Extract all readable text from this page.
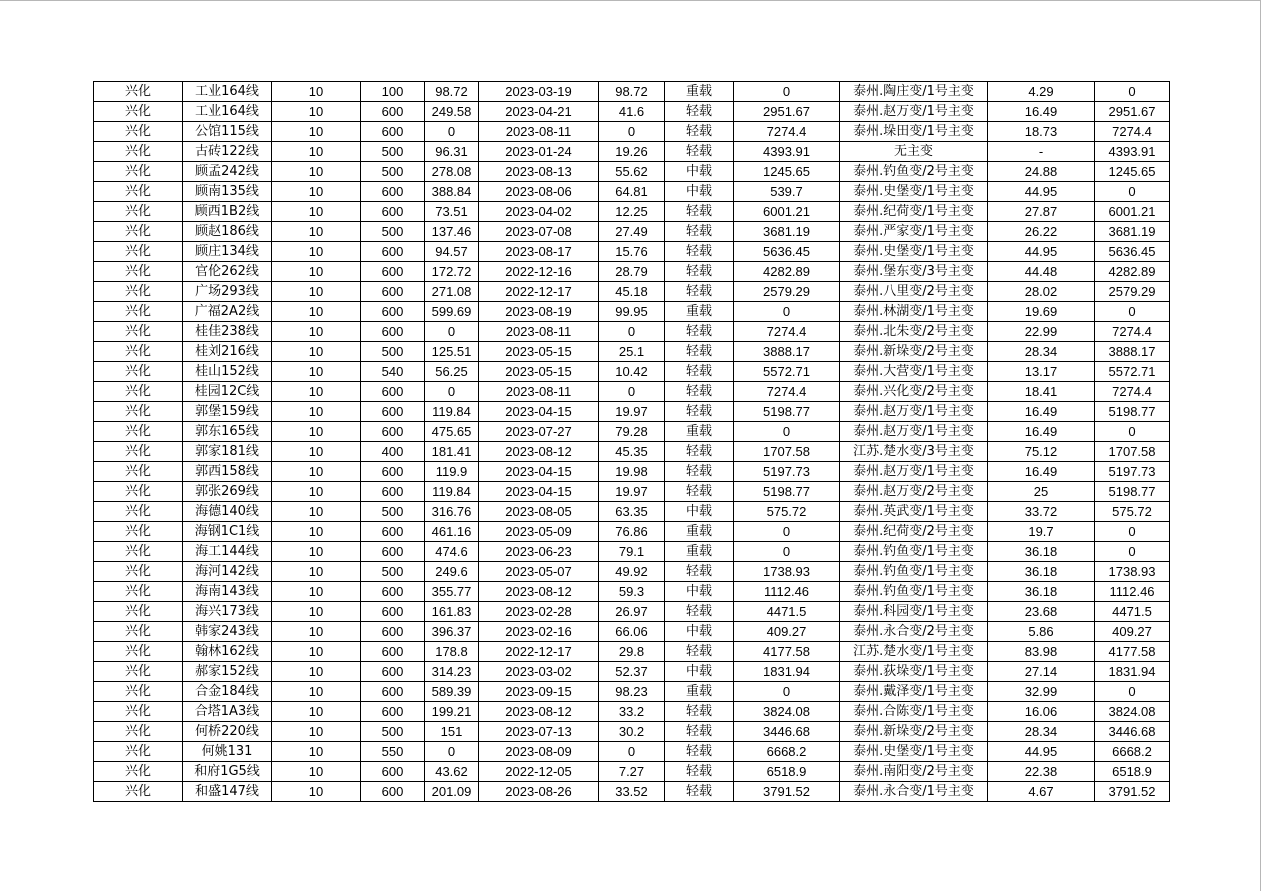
兴化	工业164线	10	100	98.72	2023-03-19	98.72	重载	0	泰州.陶庄变/1号主变	4.29	0
兴化	工业164线	10	600	249.58	2023-04-21	41.6	轻载	2951.67	泰州.赵万变/1号主变	16.49	2951.67
兴化	公馆115线	10	600	0	2023-08-11	0	轻载	7274.4	泰州.垛田变/1号主变	18.73	7274.4
兴化	古砖122线	10	500	96.31	2023-01-24	19.26	轻载	4393.91	无主变	-	4393.91
兴化	顾孟242线	10	500	278.08	2023-08-13	55.62	中载	1245.65	泰州.钓鱼变/2号主变	24.88	1245.65
兴化	顾南135线	10	600	388.84	2023-08-06	64.81	中载	539.7	泰州.史堡变/1号主变	44.95	0
兴化	顾西1B2线	10	600	73.51	2023-04-02	12.25	轻载	6001.21	泰州.纪荷变/1号主变	27.87	6001.21
兴化	顾赵186线	10	500	137.46	2023-07-08	27.49	轻载	3681.19	泰州.严家变/1号主变	26.22	3681.19
兴化	顾庄134线	10	600	94.57	2023-08-17	15.76	轻载	5636.45	泰州.史堡变/1号主变	44.95	5636.45
兴化	官伦262线	10	600	172.72	2022-12-16	28.79	轻载	4282.89	泰州.堡东变/3号主变	44.48	4282.89
兴化	广场293线	10	600	271.08	2022-12-17	45.18	轻载	2579.29	泰州.八里变/2号主变	28.02	2579.29
兴化	广福2A2线	10	600	599.69	2023-08-19	99.95	重载	0	泰州.林湖变/1号主变	19.69	0
兴化	桂佳238线	10	600	0	2023-08-11	0	轻载	7274.4	泰州.北朱变/2号主变	22.99	7274.4
兴化	桂刘216线	10	500	125.51	2023-05-15	25.1	轻载	3888.17	泰州.新垛变/2号主变	28.34	3888.17
兴化	桂山152线	10	540	56.25	2023-05-15	10.42	轻载	5572.71	泰州.大营变/1号主变	13.17	5572.71
兴化	桂园12C线	10	600	0	2023-08-11	0	轻载	7274.4	泰州.兴化变/2号主变	18.41	7274.4
兴化	郭堡159线	10	600	119.84	2023-04-15	19.97	轻载	5198.77	泰州.赵万变/1号主变	16.49	5198.77
兴化	郭东165线	10	600	475.65	2023-07-27	79.28	重载	0	泰州.赵万变/1号主变	16.49	0
兴化	郭家181线	10	400	181.41	2023-08-12	45.35	轻载	1707.58	江苏.楚水变/3号主变	75.12	1707.58
兴化	郭西158线	10	600	119.9	2023-04-15	19.98	轻载	5197.73	泰州.赵万变/1号主变	16.49	5197.73
兴化	郭张269线	10	600	119.84	2023-04-15	19.97	轻载	5198.77	泰州.赵万变/2号主变	25	5198.77
兴化	海德140线	10	500	316.76	2023-08-05	63.35	中载	575.72	泰州.英武变/1号主变	33.72	575.72
兴化	海钢1C1线	10	600	461.16	2023-05-09	76.86	重载	0	泰州.纪荷变/2号主变	19.7	0
兴化	海工144线	10	600	474.6	2023-06-23	79.1	重载	0	泰州.钓鱼变/1号主变	36.18	0
兴化	海河142线	10	500	249.6	2023-05-07	49.92	轻载	1738.93	泰州.钓鱼变/1号主变	36.18	1738.93
兴化	海南143线	10	600	355.77	2023-08-12	59.3	中载	1112.46	泰州.钓鱼变/1号主变	36.18	1112.46
兴化	海兴173线	10	600	161.83	2023-02-28	26.97	轻载	4471.5	泰州.科园变/1号主变	23.68	4471.5
兴化	韩家243线	10	600	396.37	2023-02-16	66.06	中载	409.27	泰州.永合变/2号主变	5.86	409.27
兴化	翰林162线	10	600	178.8	2022-12-17	29.8	轻载	4177.58	江苏.楚水变/1号主变	83.98	4177.58
兴化	郝家152线	10	600	314.23	2023-03-02	52.37	中载	1831.94	泰州.荻垛变/1号主变	27.14	1831.94
兴化	合金184线	10	600	589.39	2023-09-15	98.23	重载	0	泰州.戴泽变/1号主变	32.99	0
兴化	合塔1A3线	10	600	199.21	2023-08-12	33.2	轻载	3824.08	泰州.合陈变/1号主变	16.06	3824.08
兴化	何桥220线	10	500	151	2023-07-13	30.2	轻载	3446.68	泰州.新垛变/2号主变	28.34	3446.68
兴化	何姚131	10	550	0	2023-08-09	0	轻载	6668.2	泰州.史堡变/1号主变	44.95	6668.2
兴化	和府1G5线	10	600	43.62	2022-12-05	7.27	轻载	6518.9	泰州.南阳变/2号主变	22.38	6518.9
兴化	和盛147线	10	600	201.09	2023-08-26	33.52	轻载	3791.52	泰州.永合变/1号主变	4.67	3791.52
